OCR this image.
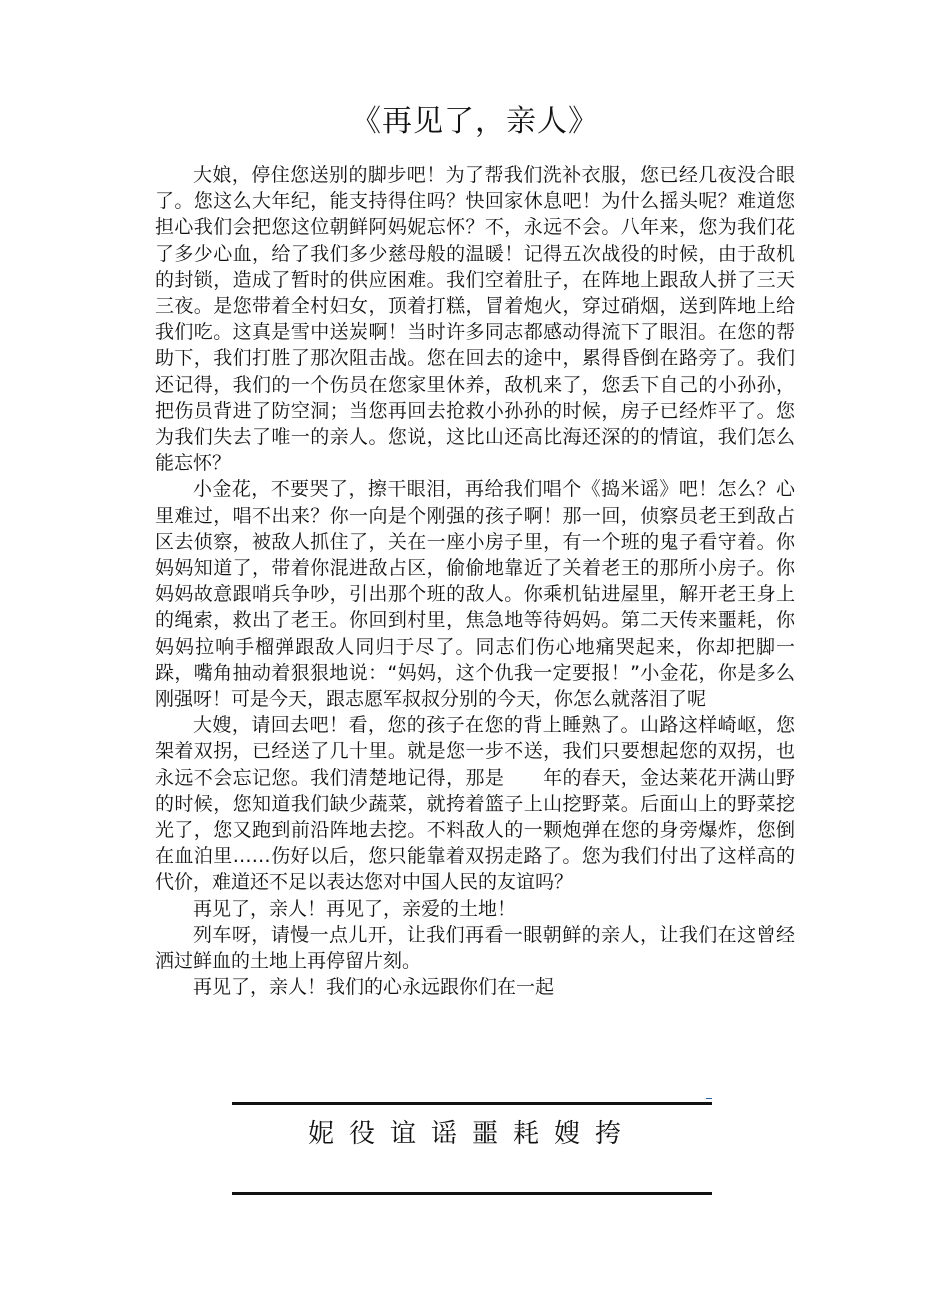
《再见了，亲人》

大娘，停住您送别的脚步吧！为了帮我们洗补衣服，您已经几夜没合眼了。您这么大年纪，能支持得住吗？快回家休息吧！为什么摇头呢？难道您担心我们会把您这位朝鲜阿妈妮忘怀？不，永远不会。八年来，您为我们花了多少心血，给了我们多少慈母般的温暖！记得五次战役的时候，由于敌机的封锁，造成了暂时的供应困难。我们空着肚子，在阵地上跟敌人拼了三天三夜。是您带着全村妇女，顶着打糕，冒着炮火，穿过硝烟，送到阵地上给我们吃。这真是雪中送炭啊！当时许多同志都感动得流下了眼泪。在您的帮助下，我们打胜了那次阻击战。您在回去的途中，累得昏倒在路旁了。我们还记得，我们的一个伤员在您家里休养，敌机来了，您丢下自己的小孙孙，把伤员背进了防空洞；当您再回去抢救小孙孙的时候，房子已经炸平了。您为我们失去了唯一的亲人。您说，这比山还高比海还深的的情谊，我们怎么能忘怀？

小金花，不要哭了，擦干眼泪，再给我们唱个《捣米谣》吧！怎么？心里难过，唱不出来？你一向是个刚强的孩子啊！那一回，侦察员老王到敌占区去侦察，被敌人抓住了，关在一座小房子里，有一个班的鬼子看守着。你妈妈知道了，带着你混进敌占区，偷偷地靠近了关着老王的那所小房子。你妈妈故意跟哨兵争吵，引出那个班的敌人。你乘机钻进屋里，解开老王身上的绳索，救出了老王。你回到村里，焦急地等待妈妈。第二天传来噩耗，你妈妈拉响手榴弹跟敌人同归于尽了。同志们伤心地痛哭起来，你却把脚一跺，嘴角抽动着狠狠地说：“妈妈，这个仇我一定要报！”小金花，你是多么刚强呀！可是今天，跟志愿军叔叔分别的今天，你怎么就落泪了呢

大嫂，请回去吧！看，您的孩子在您的背上睡熟了。山路这样崎岖，您架着双拐，已经送了几十里。就是您一步不送，我们只要想起您的双拐，也永远不会忘记您。我们清楚地记得，那是　　年的春天，金达莱花开满山野的时候，您知道我们缺少蔬菜，就挎着篮子上山挖野菜。后面山上的野菜挖光了，您又跑到前沿阵地去挖。不料敌人的一颗炮弹在您的身旁爆炸，您倒在血泊里……伤好以后，您只能靠着双拐走路了。您为我们付出了这样高的代价，难道还不足以表达您对中国人民的友谊吗？

再见了，亲人！再见了，亲爱的土地！

列车呀，请慢一点儿开，让我们再看一眼朝鲜的亲人，让我们在这曾经洒过鲜血的土地上再停留片刻。

再见了，亲人！我们的心永远跟你们在一起

妮役谊谣噩耗嫂挎
